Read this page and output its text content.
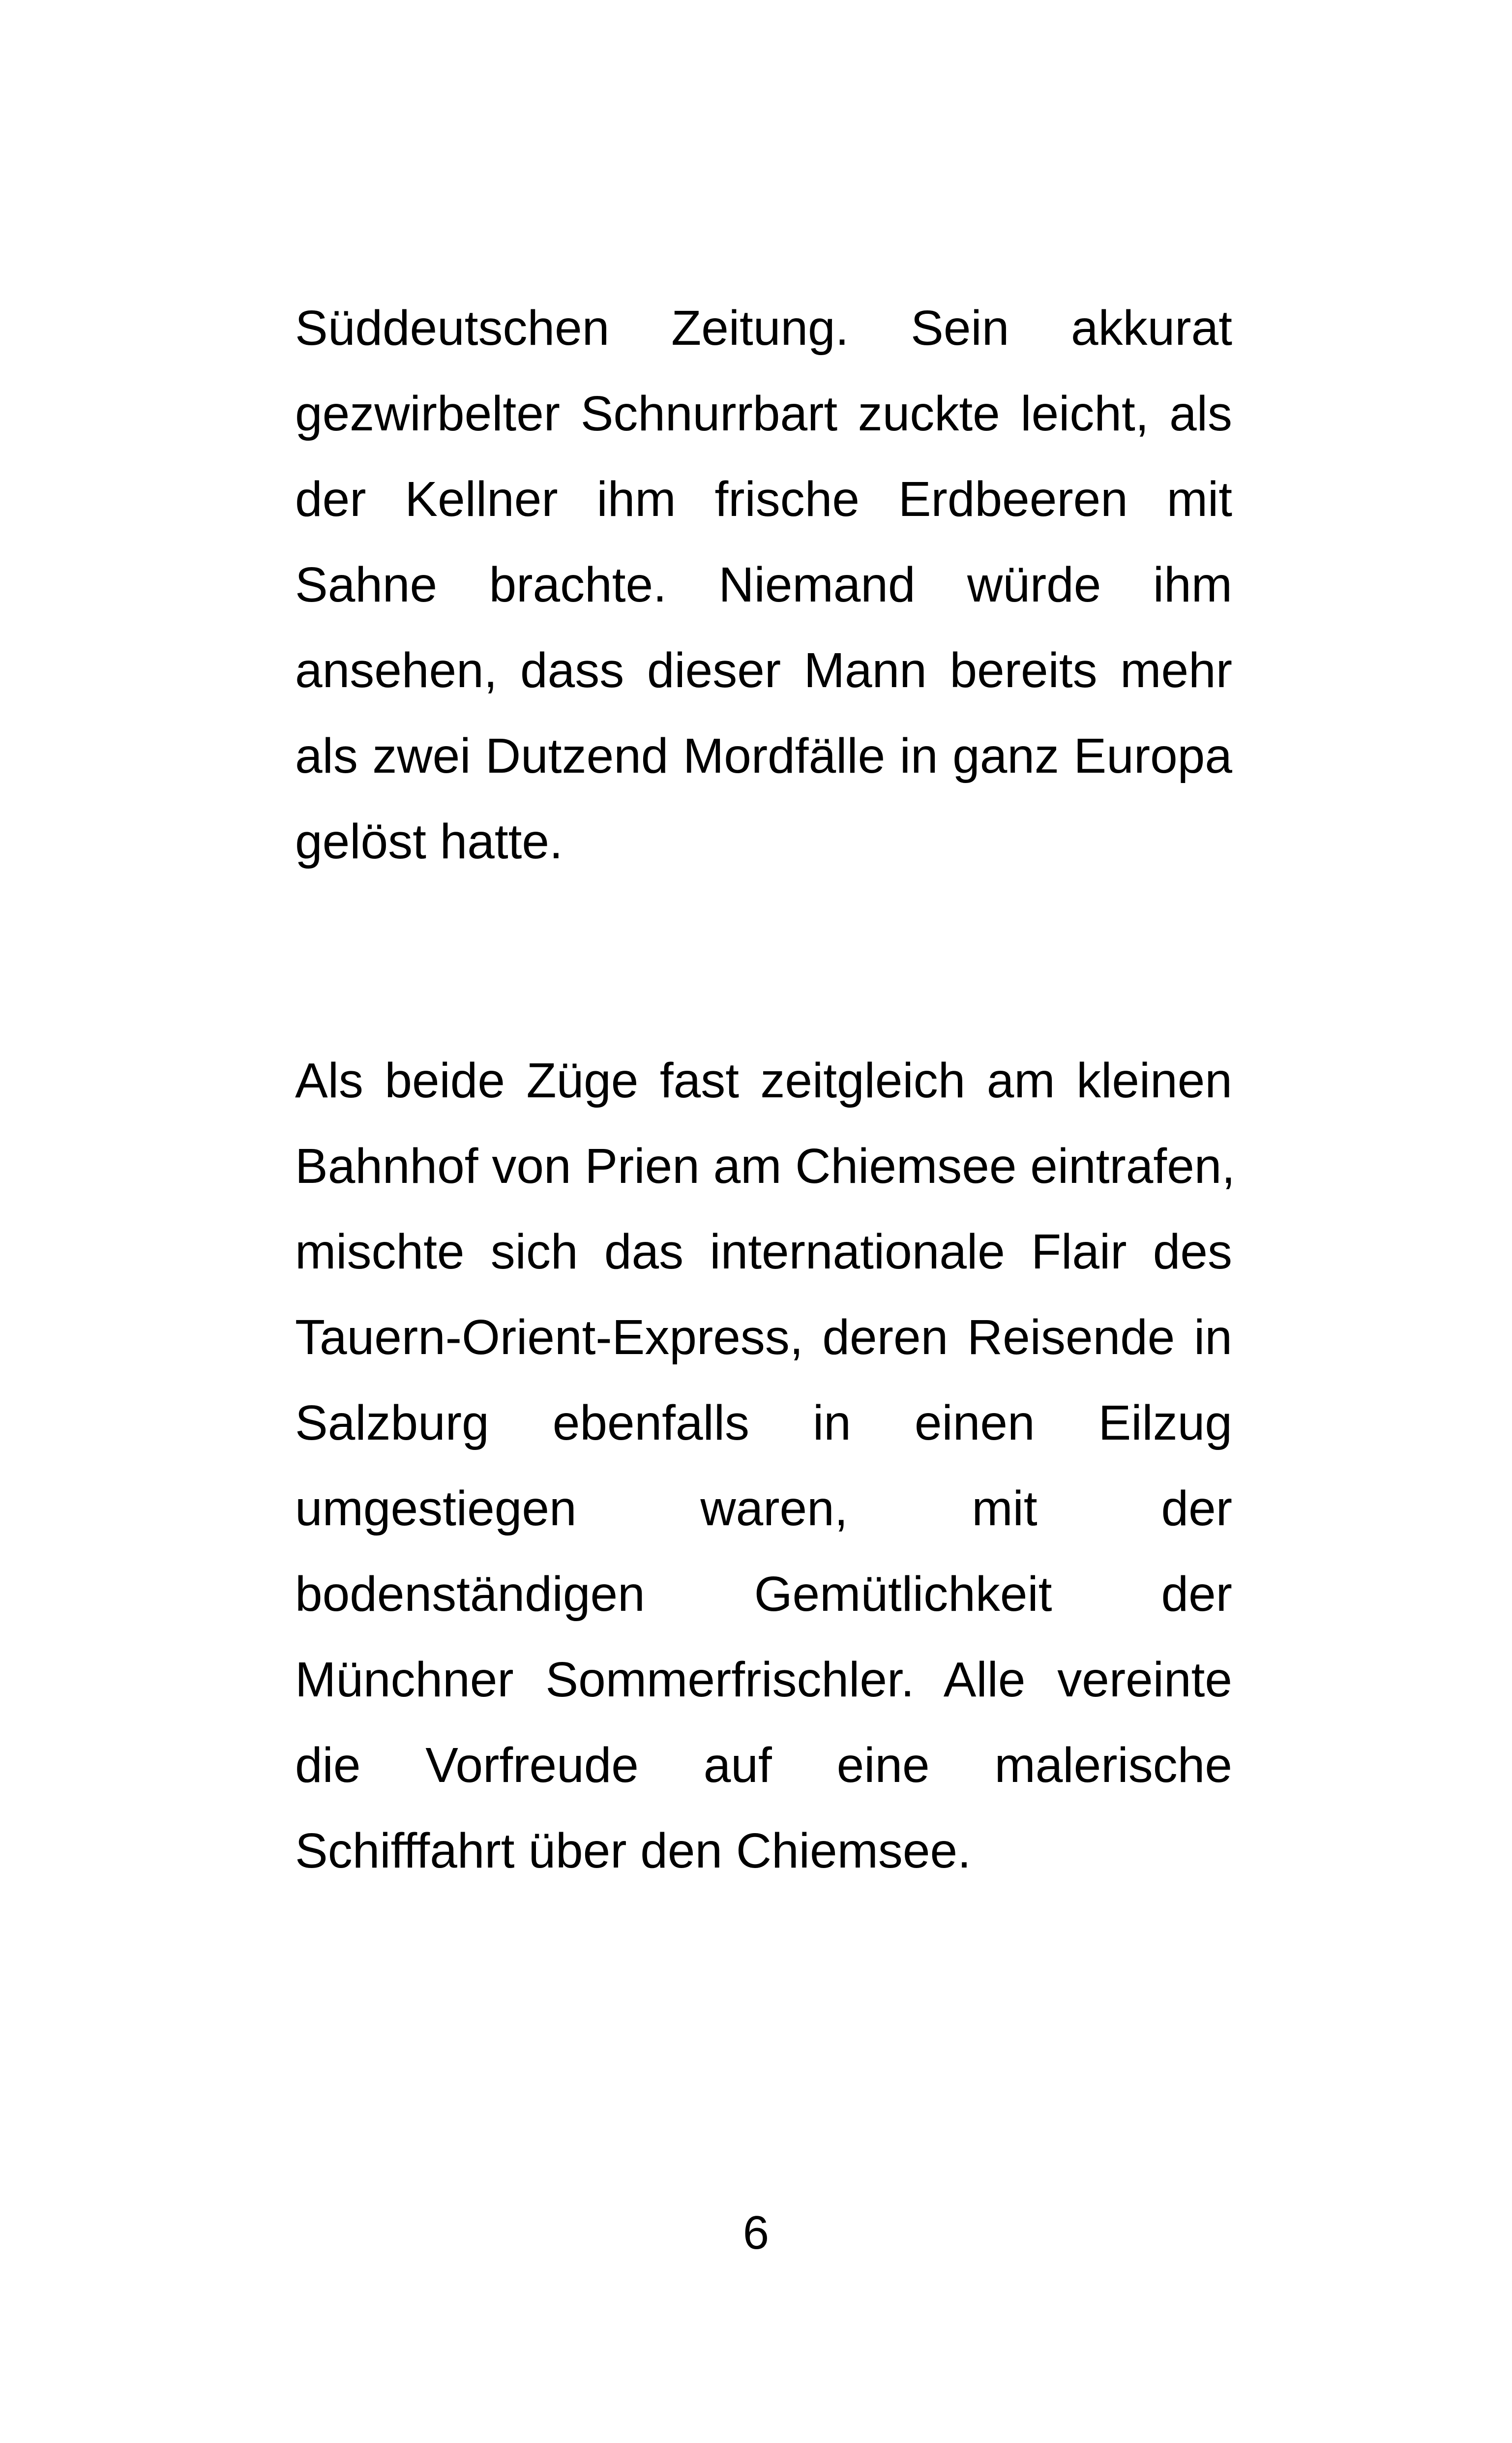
Süddeutschen Zeitung. Sein akkurat
gezwirbelter Schnurrbart zuckte leicht, als
der Kellner ihm frische Erdbeeren mit
Sahne brachte. Niemand würde ihm
ansehen, dass dieser Mann bereits mehr
als zwei Dutzend Mordfälle in ganz Europa
gelöst hatte.
Als beide Züge fast zeitgleich am kleinen
Bahnhof von Prien am Chiemsee eintrafen,
mischte sich das internationale Flair des
Tauern-Orient-Express, deren Reisende in
Salzburg ebenfalls in einen Eilzug
umgestiegen waren, mit der
bodenständigen Gemütlichkeit der
Münchner Sommerfrischler. Alle vereinte
die Vorfreude auf eine malerische
Schifffahrt über den Chiemsee.
6
